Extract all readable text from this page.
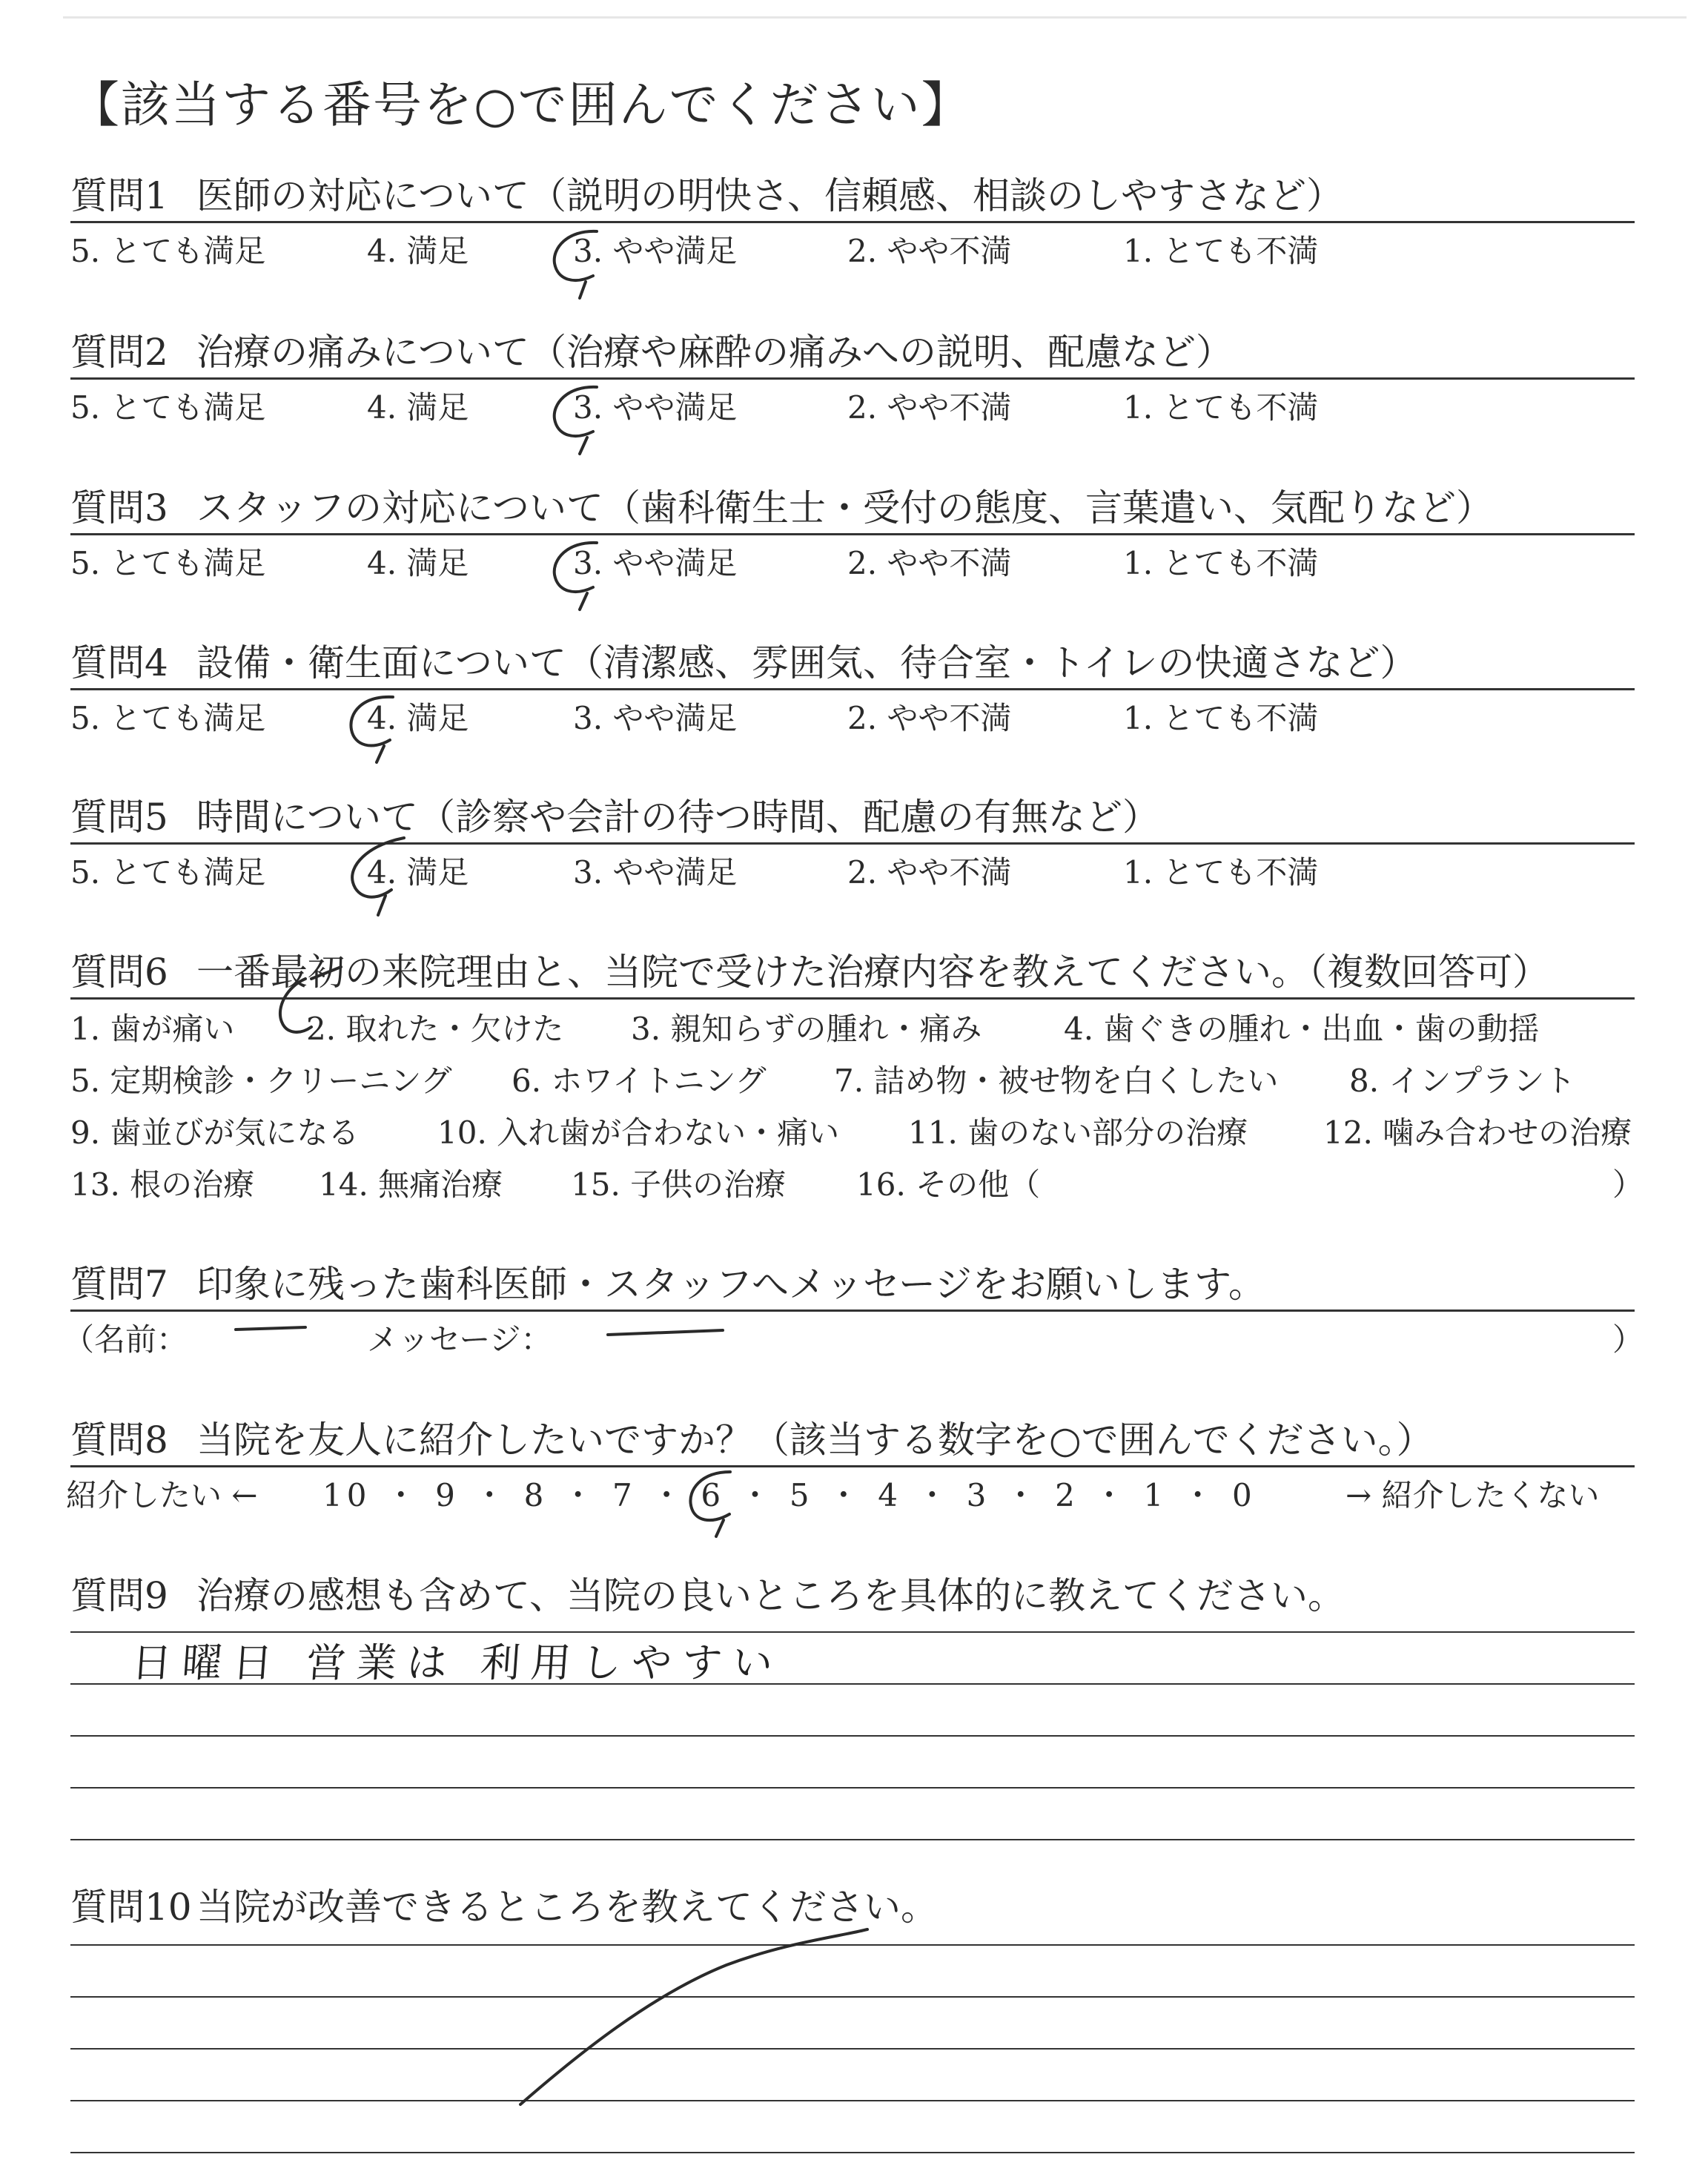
【該当する番号を○で囲んでください】
質問1 医師の対応について（説明の明快さ、信頼感、相談のしやすさなど）
5. とても満足	4. 満足	3. やや満足	2. やや不満	1. とても不満
質問2 治療の痛みについて（治療や麻酔の痛みへの説明、配慮など）
5. とても満足	4. 満足	3. やや満足	2. やや不満	1. とても不満
質問3 スタッフの対応について（歯科衛生士・受付の態度、言葉遣い、気配りなど）
5. とても満足	4. 満足	3. やや満足	2. やや不満	1. とても不満
質問4 設備・衛生面について（清潔感、雰囲気、待合室・トイレの快適さなど）
5. とても満足	4. 満足	3. やや満足	2. やや不満	1. とても不満
質問5 時間について（診察や会計の待つ時間、配慮の有無など）
5. とても満足	4. 満足	3. やや満足	2. やや不満	1. とても不満
質問6 一番最初の来院理由と、当院で受けた治療内容を教えてください。（複数回答可）
1. 歯が痛い 2. 取れた・欠けた 3. 親知らずの腫れ・痛み	4. 歯ぐきの腫れ・出血・歯の動揺
5. 定期検診・クリーニング 6. ホワイトニング 7. 詰め物・被せ物を白くしたい 8. インプラント
9. 歯並びが気になる	10. 入れ歯が合わない・痛い 11. 歯のない部分の治療 12. 噛み合わせの治療
13. 根の治療 14. 無痛治療 15. 子供の治療 16. その他（	）
質問7 印象に残った歯科医師・スタッフへメッセージをお願いします。
（名前：	メッセージ：	）
質問8 当院を友人に紹介したいですか？（該当する数字を○で囲んでください。）
紹介したい ← 10 ・ 9 ・ 8 ・ 7 ・ 6 ・ 5 ・ 4 ・ 3 ・ 2 ・ 1 ・ 0	→ 紹介したくない
質問9 治療の感想も含めて、当院の良いところを具体的に教えてください。
日曜日 営業は 利用しやすい
質問10 当院が改善できるところを教えてください。
